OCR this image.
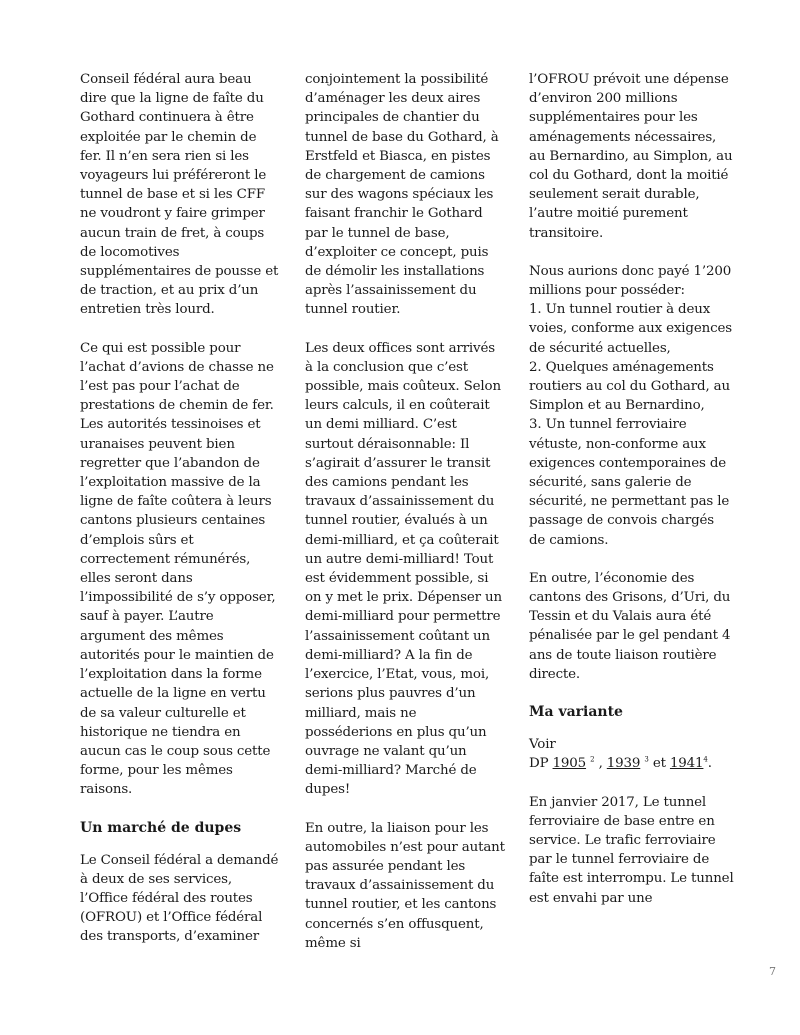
Conseil fédéral aura beau dire que la ligne de faîte du Gothard continuera à être exploitée par le chemin de fer. Il n’en sera rien si les voyageurs lui préféreront le tunnel de base et si les CFF ne voudront y faire grimper aucun train de fret, à coups de locomotives supplémentaires de pousse et de traction, et au prix d’un entretien très lourd.

Ce qui est possible pour l’achat d’avions de chasse ne l’est pas pour l’achat de prestations de chemin de fer. Les autorités tessinoises et uranaises peuvent bien regretter que l’abandon de l’exploitation massive de la ligne de faîte coûtera à leurs cantons plusieurs centaines d’emplois sûrs et correctement rémunérés, elles seront dans l’impossibilité de s’y opposer, sauf à payer. L’autre argument des mêmes autorités pour le maintien de l’exploitation dans la forme actuelle de la ligne en vertu de sa valeur culturelle et historique ne tiendra en aucun cas le coup sous cette forme, pour les mêmes raisons.

Un marché de dupes

Le Conseil fédéral a demandé à deux de ses services, l’Office fédéral des routes (OFROU) et l’Office fédéral des transports, d’examiner

conjointement la possibilité d’aménager les deux aires principales de chantier du tunnel de base du Gothard, à Erstfeld et Biasca, en pistes de chargement de camions sur des wagons spéciaux les faisant franchir le Gothard par le tunnel de base, d’exploiter ce concept, puis de démolir les installations après l’assainissement du tunnel routier.

Les deux offices sont arrivés à la conclusion que c’est possible, mais coûteux. Selon leurs calculs, il en coûterait un demi milliard. C’est surtout déraisonnable: Il s’agirait d’assurer le transit des camions pendant les travaux d’assainissement du tunnel routier, évalués à un demi-milliard, et ça coûterait un autre demi-milliard! Tout est évidemment possible, si on y met le prix. Dépenser un demi-milliard pour permettre l’assainissement coûtant un demi-milliard? A la fin de l’exercice, l’Etat, vous, moi, serions plus pauvres d’un milliard, mais ne posséderions en plus qu’un ouvrage ne valant qu’un demi-milliard? Marché de dupes!

En outre, la liaison pour les automobiles n’est pour autant pas assurée pendant les travaux d’assainissement du tunnel routier, et les cantons concernés s’en offusquent, même si

l’OFROU prévoit une dépense d’environ 200 millions supplémentaires pour les aménagements nécessaires, au Bernardino, au Simplon, au col du Gothard, dont la moitié seulement serait durable, l’autre moitié purement transitoire.

Nous aurions donc payé 1’200 millions pour posséder:
1. Un tunnel routier à deux voies, conforme aux exigences de sécurité actuelles,
2. Quelques aménagements routiers au col du Gothard, au Simplon et au Bernardino,
3. Un tunnel ferroviaire vétuste, non-conforme aux exigences contemporaines de sécurité, sans galerie de sécurité, ne permettant pas le passage de convois chargés de camions.

En outre, l’économie des cantons des Grisons, d’Uri, du Tessin et du Valais aura été pénalisée par le gel pendant 4 ans de toute liaison routière directe.

Ma variante

Voir
DP 1905 $^2$ , 1939 $^3$ et 1941$^4$.

En janvier 2017, Le tunnel ferroviaire de base entre en service. Le trafic ferroviaire par le tunnel ferroviaire de faîte est interrompu. Le tunnel est envahi par une

7
